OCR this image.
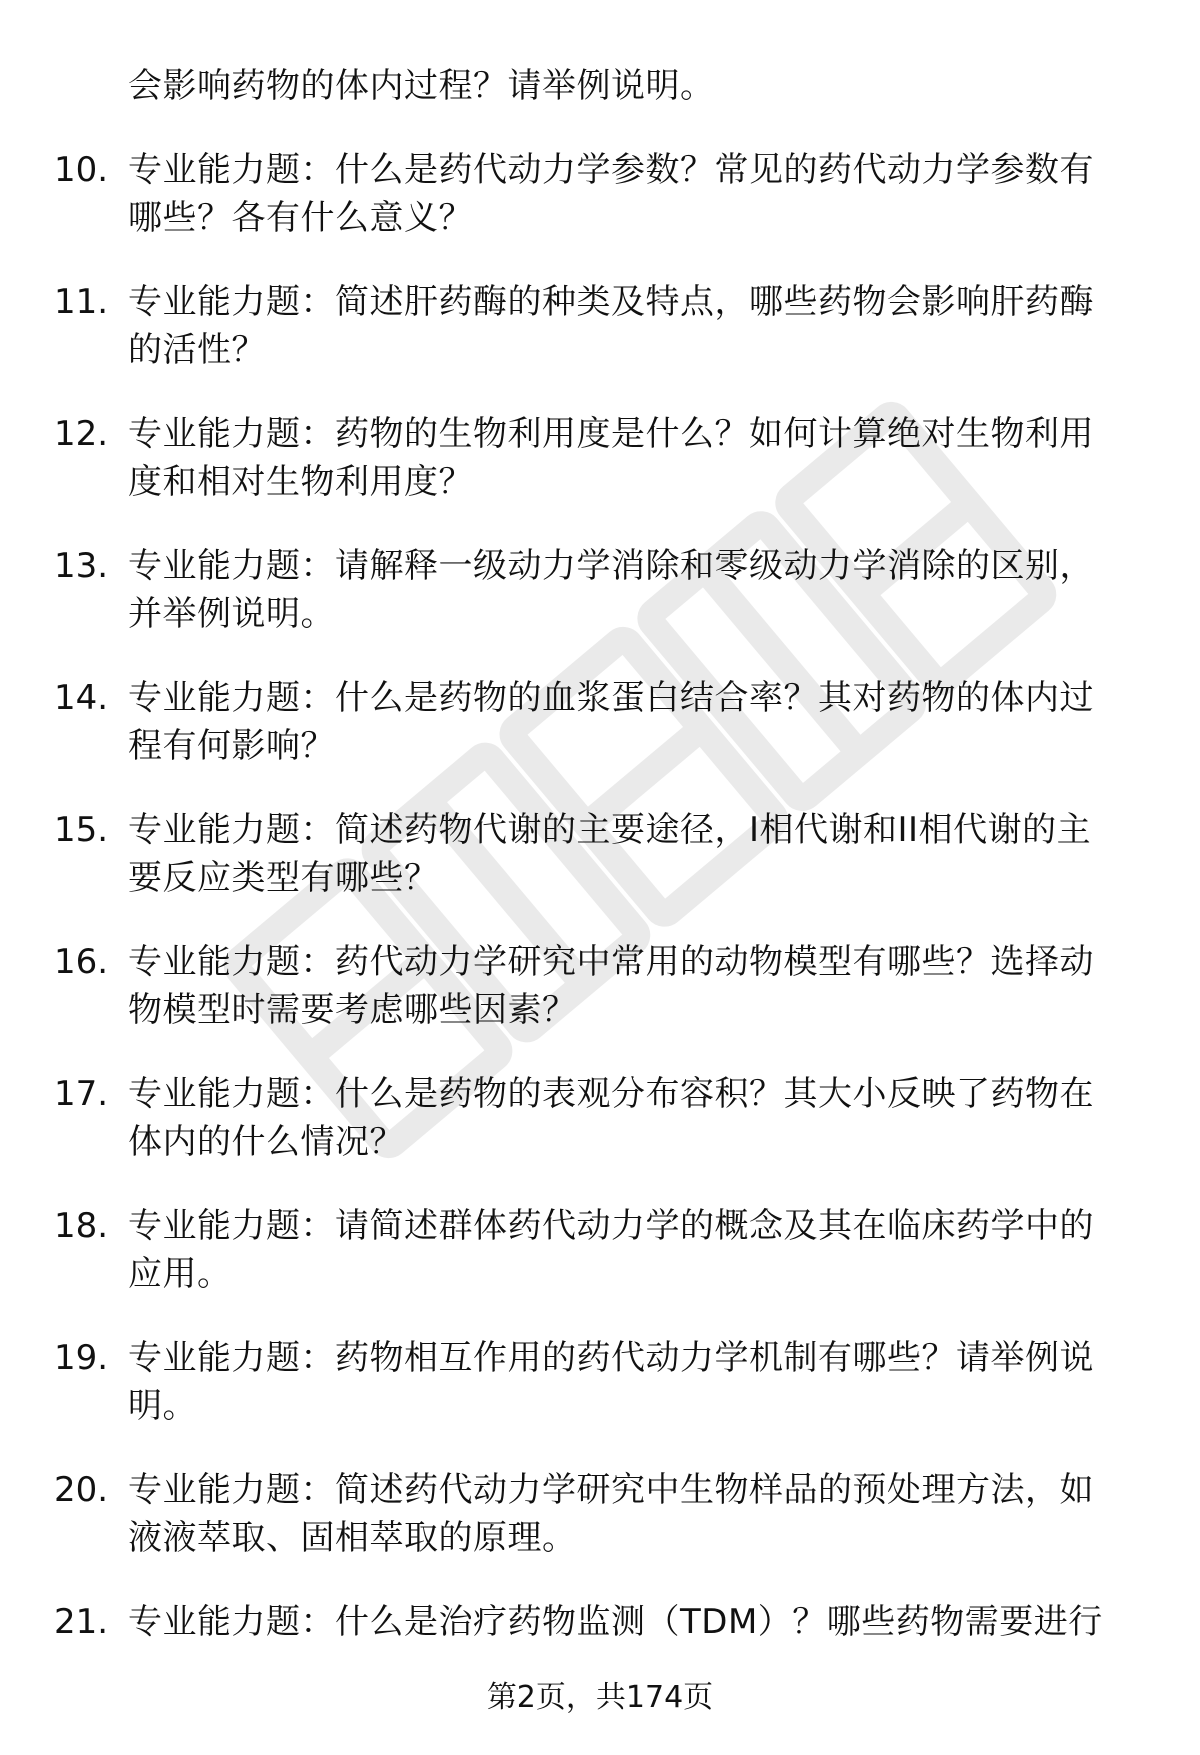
会影响药物的体内过程？请举例说明。
10. 专业能力题：什么是药代动力学参数？常见的药代动力学参数有
哪些？各有什么意义？
11. 专业能力题：简述肝药酶的种类及特点，哪些药物会影响肝药酶
的活性？
12. 专业能力题：药物的生物利用度是什么？如何计算绝对生物利用
度和相对生物利用度？
13. 专业能力题：请解释一级动力学消除和零级动力学消除的区别，
并举例说明。
14. 专业能力题：什么是药物的血浆蛋白结合率？其对药物的体内过
程有何影响？
15. 专业能力题：简述药物代谢的主要途径，I相代谢和II相代谢的主
要反应类型有哪些？
16. 专业能力题：药代动力学研究中常用的动物模型有哪些？选择动
物模型时需要考虑哪些因素？
17. 专业能力题：什么是药物的表观分布容积？其大小反映了药物在
体内的什么情况？
18. 专业能力题：请简述群体药代动力学的概念及其在临床药学中的
应用。
19. 专业能力题：药物相互作用的药代动力学机制有哪些？请举例说
明。
20. 专业能力题：简述药代动力学研究中生物样品的预处理方法，如
液液萃取、固相萃取的原理。
21. 专业能力题：什么是治疗药物监测（TDM）？哪些药物需要进行
第2页，共174页
